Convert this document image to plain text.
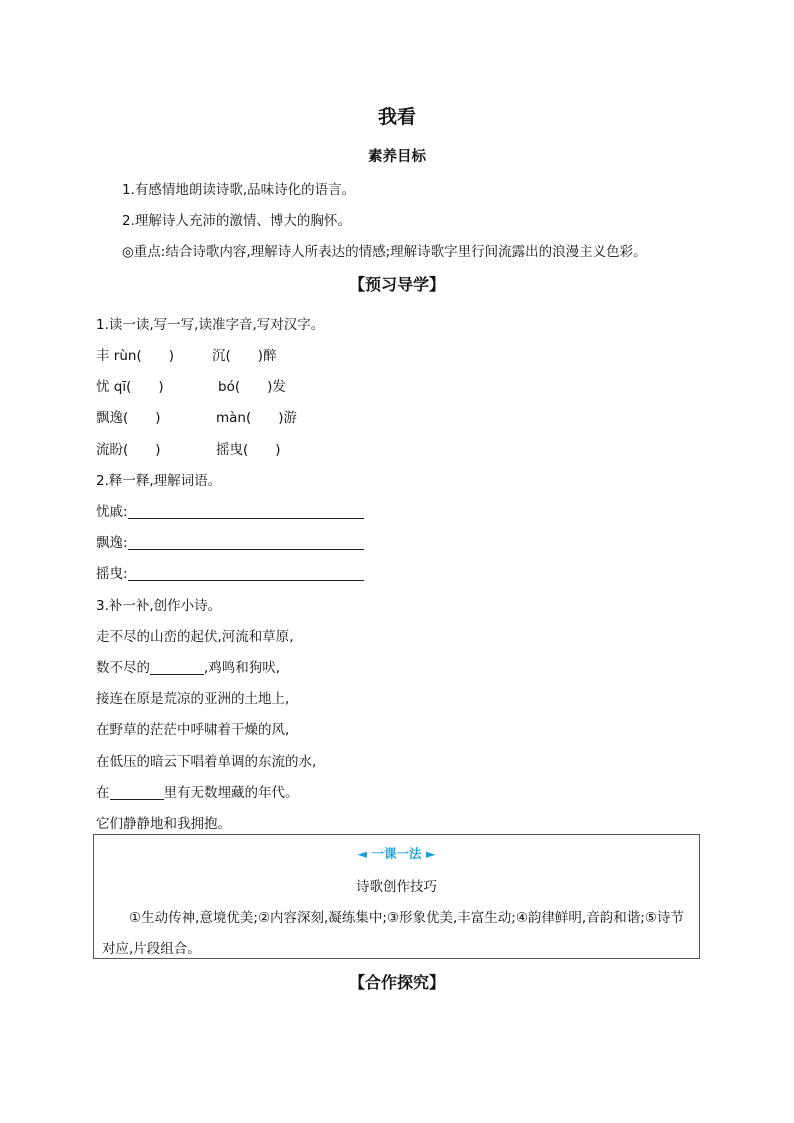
我看
素养目标
1.有感情地朗读诗歌,品味诗化的语言。
2.理解诗人充沛的激情、博大的胸怀。
◎重点:结合诗歌内容,理解诗人所表达的情感;理解诗歌字里行间流露出的浪漫主义色彩。
【预习导学】
1.读一读,写一写,读准字音,写对汉字。
丰 rùn(　　)	沉(　　)醉
忧 qī(　　)	bó(　　)发
飘逸(　　)	màn(　　)游
流盼(　　)	摇曳(　　)
2.释一释,理解词语。
忧戚:
飘逸:
摇曳:
3.补一补,创作小诗。
走不尽的山峦的起伏,河流和草原,
数不尽的	,鸡鸣和狗吠,
接连在原是荒凉的亚洲的土地上,
在野草的茫茫中呼啸着干燥的风,
在低压的暗云下唱着单调的东流的水,
在	里有无数埋藏的年代。
它们静静地和我拥抱。
◄ 一课一法 ►
诗歌创作技巧
①生动传神,意境优美;②内容深刻,凝练集中;③形象优美,丰富生动;④韵律鲜明,音韵和谐;⑤诗节对应,片段组合。
【合作探究】
